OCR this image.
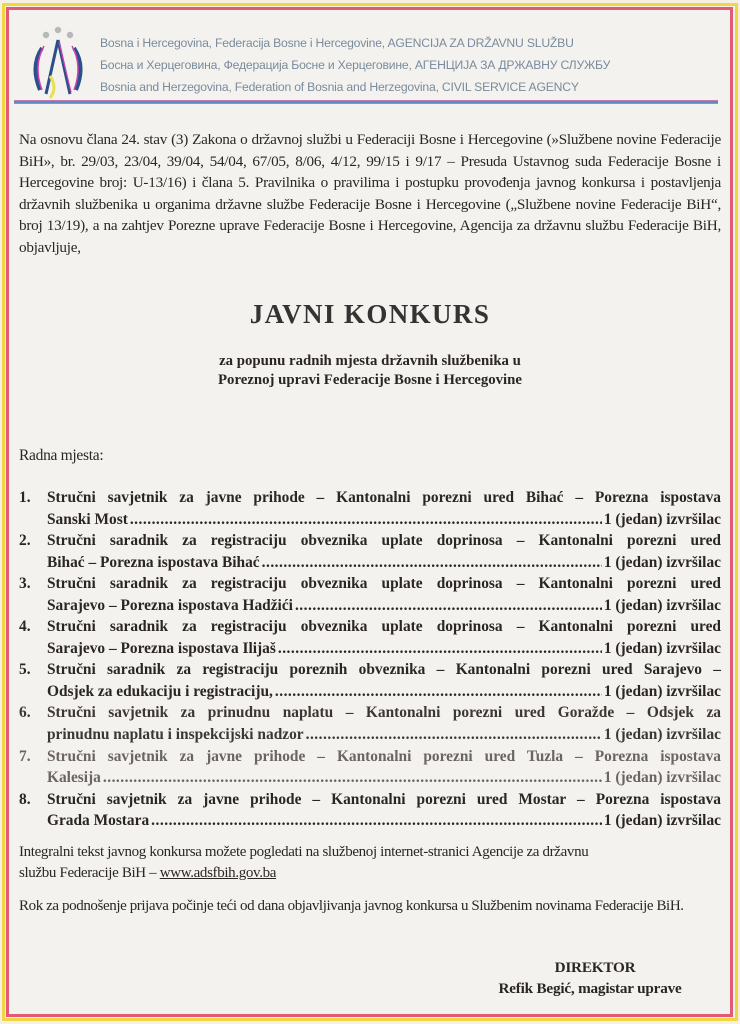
Bosna i Hercegovina, Federacija Bosne i Hercegovine, AGENCIJA ZA DRŽAVNU SLUŽBU
Босна и Херцеговина, Федерација Босне и Херцеговине, АГЕНЦИЈА ЗА ДРЖАВНУ СЛУЖБУ
Bosnia and Herzegovina, Federation of Bosnia and Herzegovina, CIVIL SERVICE AGENCY

Na osnovu člana 24. stav (3) Zakona o državnoj službi u Federaciji Bosne i Hercegovine (»Službene novine Federacije BiH», br. 29/03, 23/04, 39/04, 54/04, 67/05, 8/06, 4/12, 99/15 i 9/17 – Presuda Ustavnog suda Federacije Bosne i Hercegovine broj: U-13/16) i člana 5. Pravilnika o pravilima i postupku provođenja javnog konkursa i postavljenja državnih službenika u organima državne službe Federacije Bosne i Hercegovine („Službene novine Federacije BiH“, broj 13/19), a na zahtjev Porezne uprave Federacije Bosne i Hercegovine, Agencija za državnu službu Federacije BiH, objavljuje,

JAVNI KONKURS
za popunu radnih mjesta državnih službenika u
Poreznoj upravi Federacije Bosne i Hercegovine
Radna mjesta:
1. Stručni savjetnik za javne prihode – Kantonalni porezni ured Bihać – Porezna ispostava
Sanski Most .....	1 (jedan) izvršilac
2. Stručni saradnik za registraciju obveznika uplate doprinosa – Kantonalni porezni ured
Bihać – Porezna ispostava Bihać .....	1 (jedan) izvršilac
3. Stručni saradnik za registraciju obveznika uplate doprinosa – Kantonalni porezni ured
Sarajevo – Porezna ispostava Hadžići .....	1 (jedan) izvršilac
4. Stručni saradnik za registraciju obveznika uplate doprinosa – Kantonalni porezni ured
Sarajevo – Porezna ispostava Ilijaš .....	1 (jedan) izvršilac
5. Stručni saradnik za registraciju poreznih obveznika – Kantonalni porezni ured Sarajevo –
Odsjek za edukaciju i registraciju, .....	1 (jedan) izvršilac
6. Stručni savjetnik za prinudnu naplatu – Kantonalni porezni ured Goražde – Odsjek za
prinudnu naplatu i inspekcijski nadzor .....	1 (jedan) izvršilac
7. Stručni savjetnik za javne prihode – Kantonalni porezni ured Tuzla – Porezna ispostava
Kalesija .....	1 (jedan) izvršilac
8. Stručni savjetnik za javne prihode – Kantonalni porezni ured Mostar – Porezna ispostava
Grada Mostara .....	1 (jedan) izvršilac
Integralni tekst javnog konkursa možete pogledati na službenoj internet-stranici Agencije za državnu
službu Federacije BiH – www.adsfbih.gov.ba

Rok za podnošenje prijava počinje teći od dana objavljivanja javnog konkursa u Službenim novinama Federacije BiH.

DIREKTOR
Refik Begić, magistar uprave
